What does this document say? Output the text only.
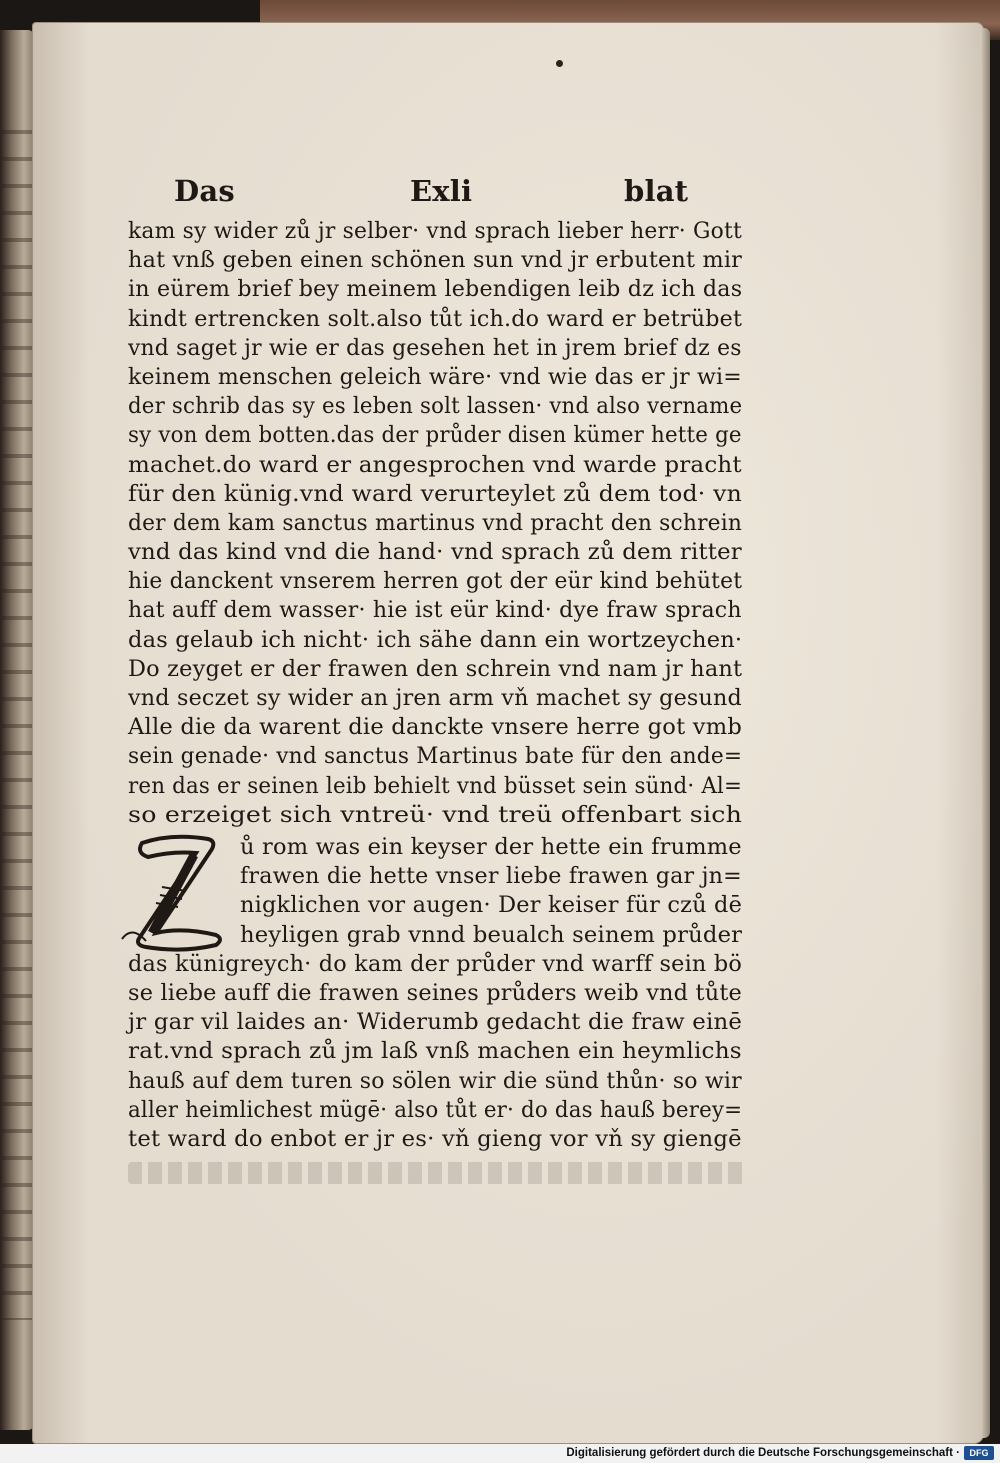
Das	Exli	blat
kam sy wider zů jr selber· vnd sprach lieber herr· Gott
hat vnß geben einen schönen sun vnd jr erbutent mir
in eürem brief bey meinem lebendigen leib dz ich das
kindt ertrencken solt.also tůt ich.do ward er betrübet
vnd saget jr wie er das gesehen het in jrem brief dz es
keinem menschen geleich wäre· vnd wie das er jr wi=
der schrib das sy es leben solt lassen· vnd also vername
sy von dem botten.das der průder disen kümer hette ge
machet.do ward er angesprochen vnd warde pracht
für den künig.vnd ward verurteylet zů dem tod· vn
der dem kam sanctus martinus vnd pracht den schrein
vnd das kind vnd die hand· vnd sprach zů dem ritter
hie danckent vnserem herren got der eür kind behütet
hat auff dem wasser· hie ist eür kind· dye fraw sprach
das gelaub ich nicht· ich sähe dann ein wortzeychen·
Do zeyget er der frawen den schrein vnd nam jr hant
vnd seczet sy wider an jren arm vň machet sy gesund
Alle die da warent die danckte vnsere herre got vmb
sein genade· vnd sanctus Martinus bate für den ande=
ren das er seinen leib behielt vnd büsset sein sünd· Al=
so erzeiget sich vntreü· vnd treü offenbart sich
ů rom was ein keyser der hette ein frumme
frawen die hette vnser liebe frawen gar jn=
nigklichen vor augen· Der keiser für czů dē
heyligen grab vnnd beualch seinem průder
das künigreych· do kam der průder vnd warff sein bö
se liebe auff die frawen seines průders weib vnd tůte
jr gar vil laides an· Widerumb gedacht die fraw einē
rat.vnd sprach zů jm laß vnß machen ein heymlichs
hauß auf dem turen so sölen wir die sünd thůn· so wir
aller heimlichest mügē· also tůt er· do das hauß berey=
tet ward do enbot er jr es· vň gieng vor vň sy giengē
Digitalisierung gefördert durch die Deutsche Forschungsgemeinschaft ·	DFG
